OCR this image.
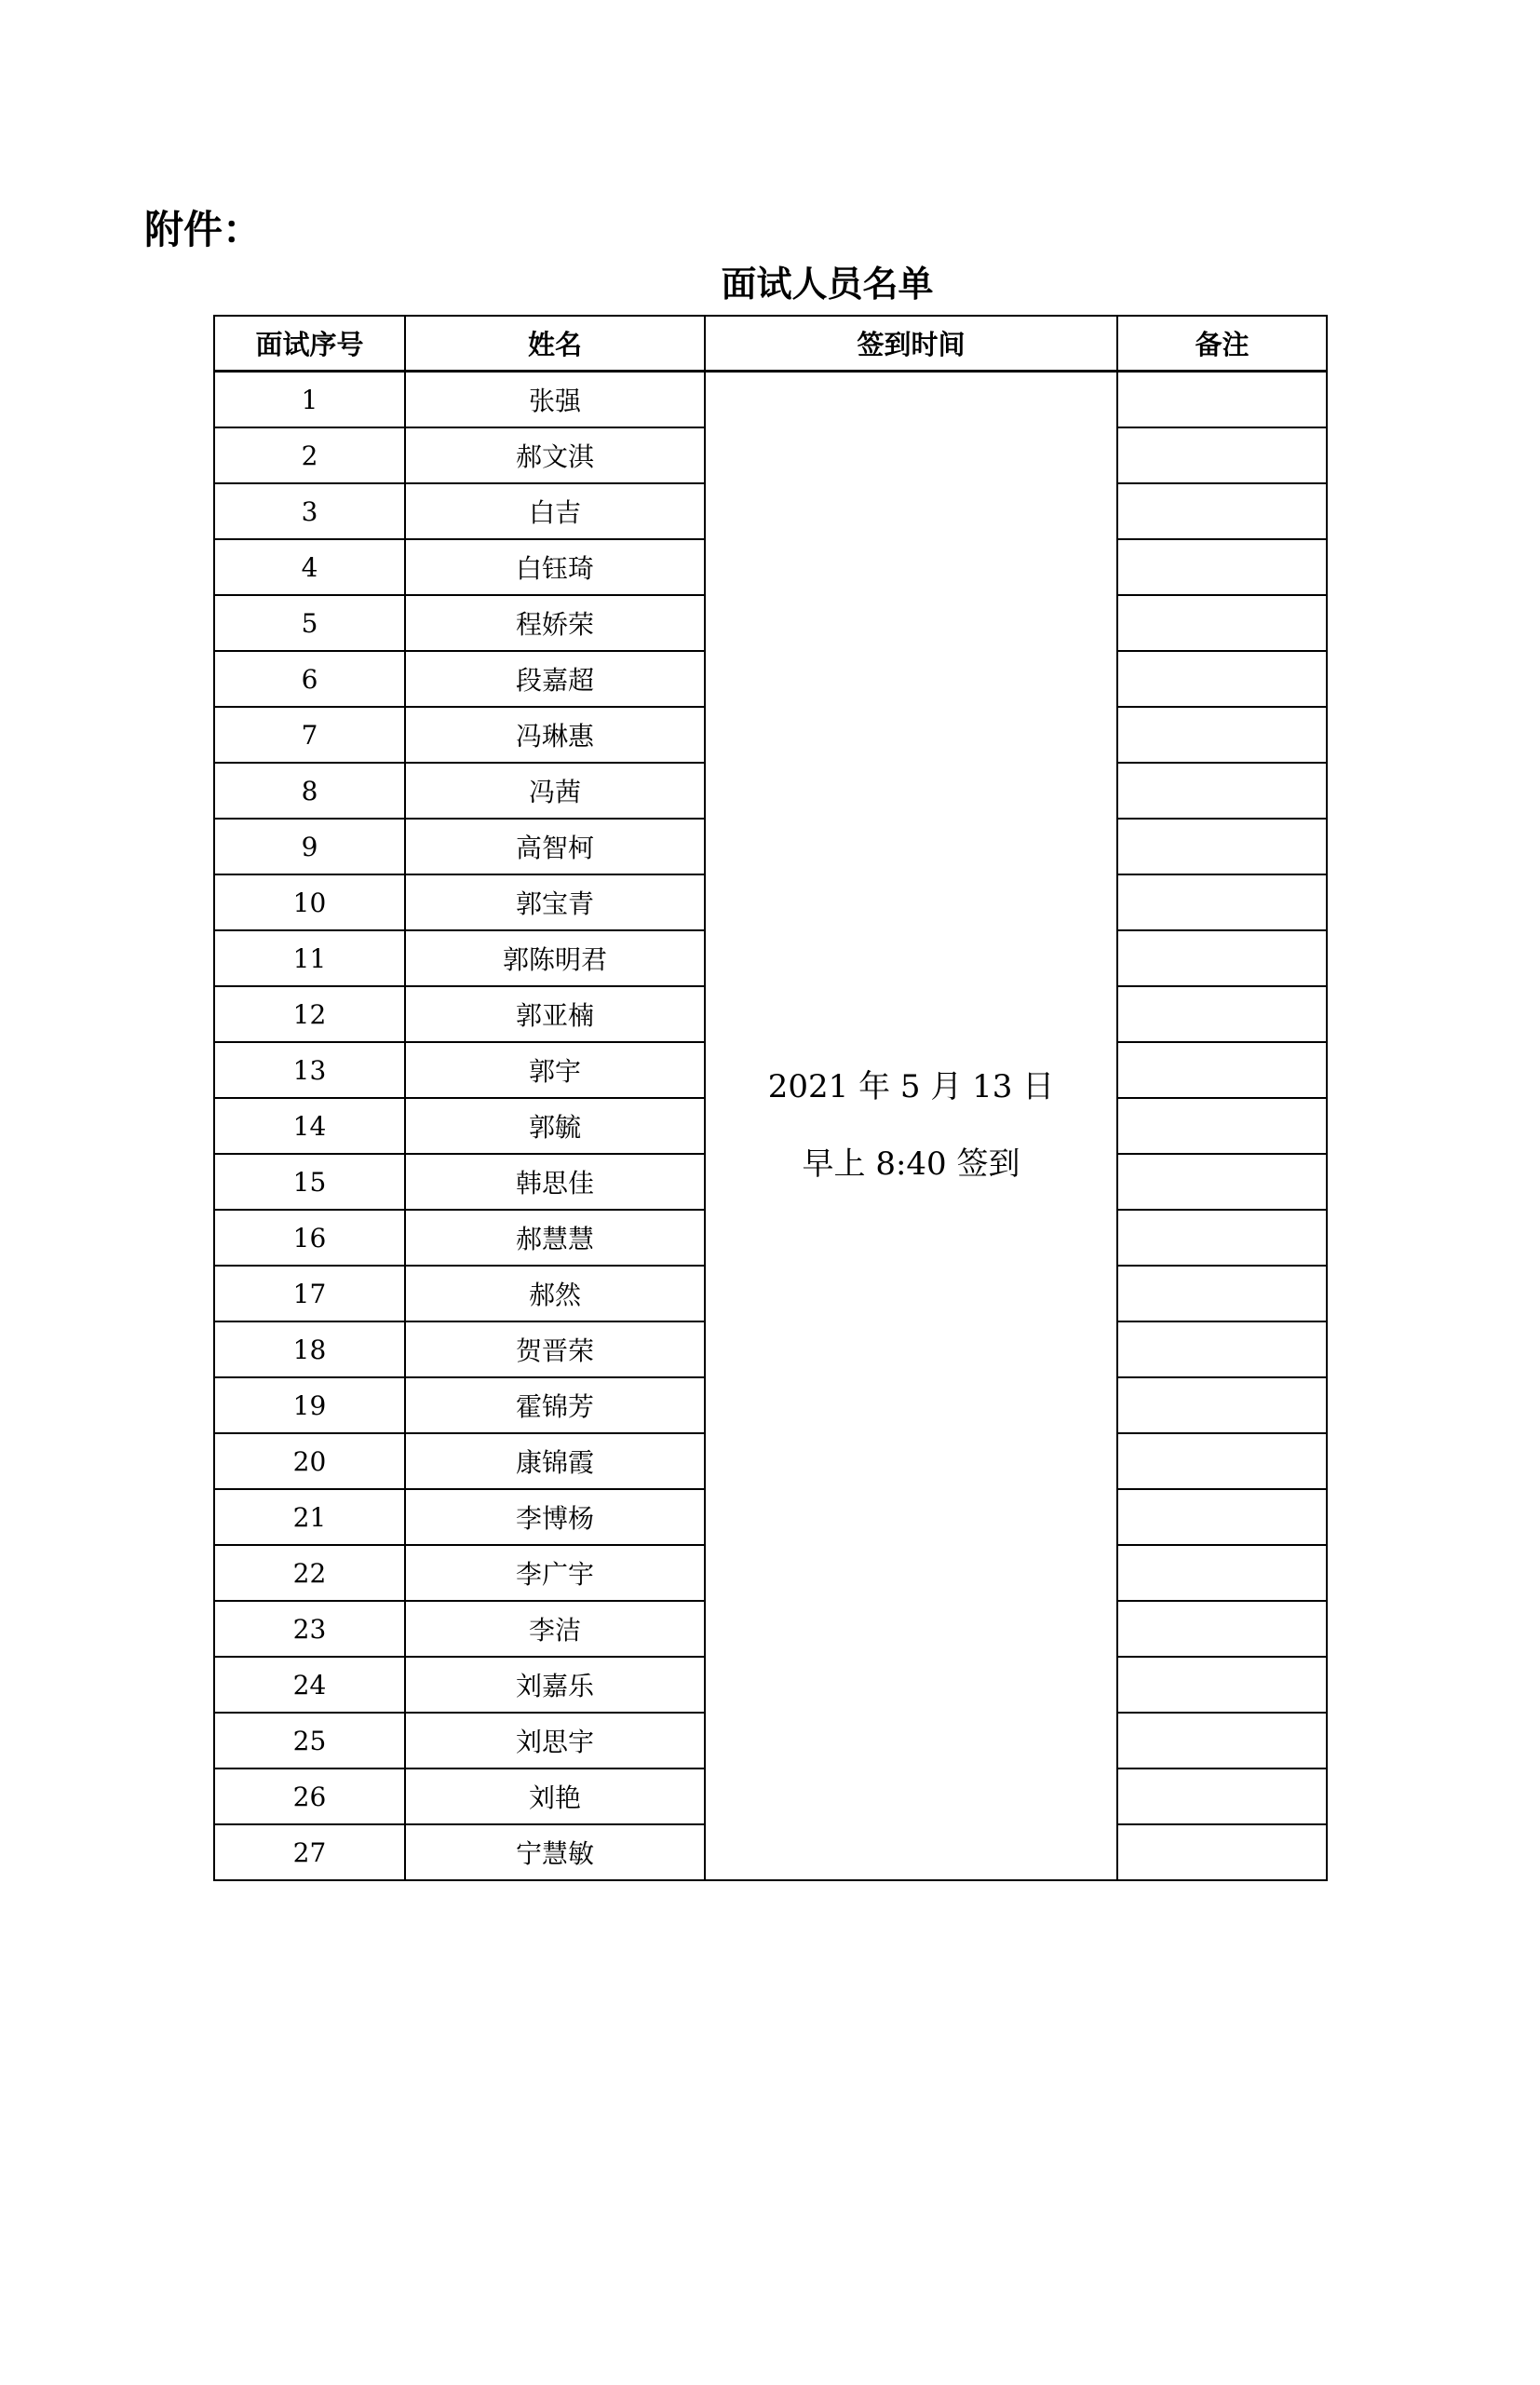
附件：
面试人员名单
面试序号	姓名	签到时间	备注
1	张强	2021 年 5 月 13 日
早上 8:40 签到	

2	郝文淇		
3	白吉		
4	白钰琦		
5	程娇荣		
6	段嘉超		
7	冯琳惠		
8	冯茜		
9	高智柯		
10	郭宝青		
11	郭陈明君		
12	郭亚楠		
13	郭宇		
14	郭毓		
15	韩思佳		
16	郝慧慧		
17	郝然		
18	贺晋荣		
19	霍锦芳		
20	康锦霞		
21	李博杨		
22	李广宇		
23	李洁		
24	刘嘉乐		
25	刘思宇		
26	刘艳		
27	宁慧敏		
